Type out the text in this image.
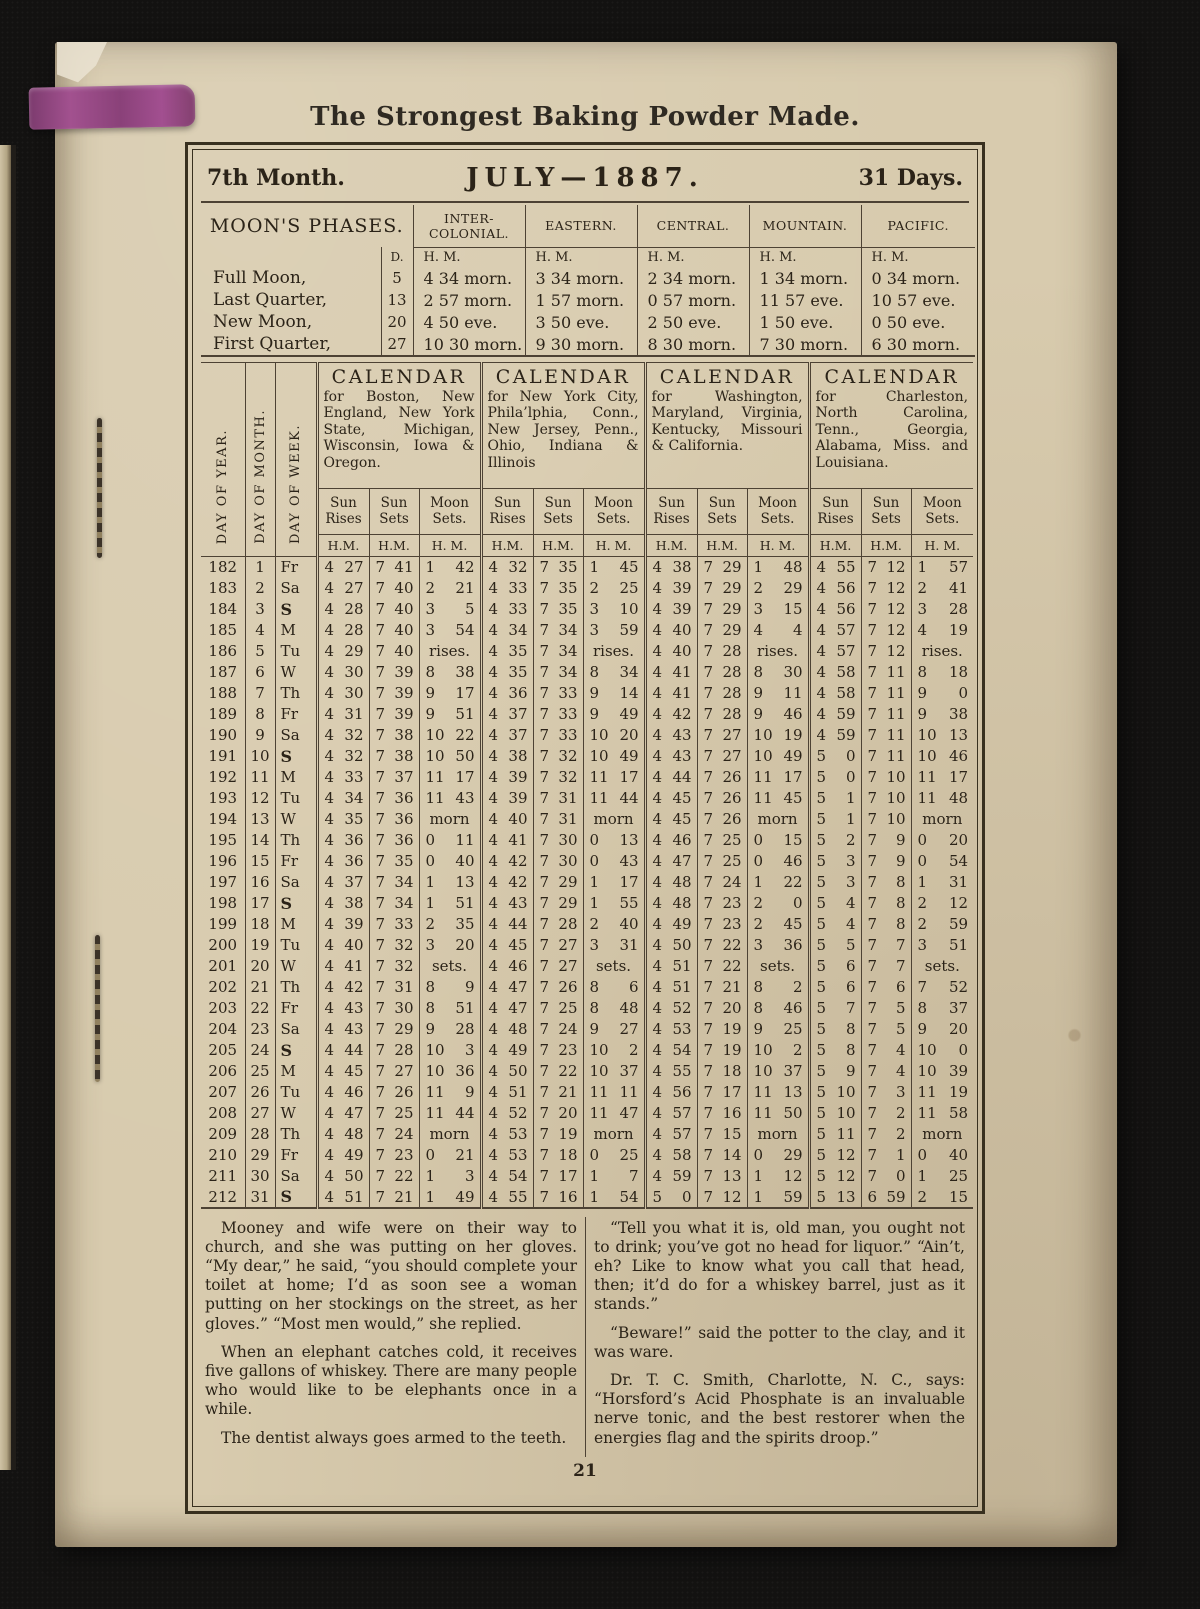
The Strongest Baking Powder Made.
7th Month.	JULY—1887.	31 Days.
MOON'S PHASES.		INTER-COLONIAL.	EASTERN.	CENTRAL.	MOUNTAIN.	PACIFIC.
	D.	H. M.	H. M.	H. M.	H. M.	H. M.
Full Moon,	5	4 34 morn.	3 34 morn.	2 34 morn.	1 34 morn.	0 34 morn.
Last Quarter,	13	2 57 morn.	1 57 morn.	0 57 morn.	11 57 eve.	10 57 eve.
New Moon,	20	4 50 eve.	3 50 eve.	2 50 eve.	1 50 eve.	0 50 eve.
First Quarter,	27	10 30 morn.	9 30 morn.	8 30 morn.	7 30 morn.	6 30 morn.
DAY OF YEAR.	DAY OF MONTH.	DAY OF WEEK.	
CALENDAR
for Boston, New England, New York State, Michigan, Wisconsin, Iowa & Oregon.

CALENDAR
for New York City, Phila’lphia, Conn., New Jersey, Penn., Ohio, Indiana & Illinois

CALENDAR
for Washington, Maryland, Virginia, Kentucky, Missouri & California.

CALENDAR
for Charleston, North Carolina, Tenn., Georgia, Alabama, Miss. and Louisiana.

			Sun Rises	Sun Sets	Moon Sets.	Sun Rises	Sun Sets	Moon Sets.	Sun Rises	Sun Sets	Moon Sets.	Sun Rises	Sun Sets	Moon Sets.
			H.M.	H.M.	H. M.	H.M.	H.M.	H. M.	H.M.	H.M.	H. M.	H.M.	H.M.	H. M.
182	1	Fr	4 27	7 41	1 42	4 32	7 35	1 45	4 38	7 29	1 48	4 55	7 12	1 57

183	2	Sa	4 27	7 40	2 21	4 33	7 35	2 25	4 39	7 29	2 29	4 56	7 12	2 41

184	3	S	4 28	7 40	3 5	4 33	7 35	3 10	4 39	7 29	3 15	4 56	7 12	3 28

185	4	M	4 28	7 40	3 54	4 34	7 34	3 59	4 40	7 29	4 4	4 57	7 12	4 19

186	5	Tu	4 29	7 40	rises.	4 35	7 34	rises.	4 40	7 28	rises.	4 57	7 12	rises.

187	6	W	4 30	7 39	8 38	4 35	7 34	8 34	4 41	7 28	8 30	4 58	7 11	8 18

188	7	Th	4 30	7 39	9 17	4 36	7 33	9 14	4 41	7 28	9 11	4 58	7 11	9 0

189	8	Fr	4 31	7 39	9 51	4 37	7 33	9 49	4 42	7 28	9 46	4 59	7 11	9 38

190	9	Sa	4 32	7 38	10 22	4 37	7 33	10 20	4 43	7 27	10 19	4 59	7 11	10 13

191	10	S	4 32	7 38	10 50	4 38	7 32	10 49	4 43	7 27	10 49	5 0	7 11	10 46

192	11	M	4 33	7 37	11 17	4 39	7 32	11 17	4 44	7 26	11 17	5 0	7 10	11 17

193	12	Tu	4 34	7 36	11 43	4 39	7 31	11 44	4 45	7 26	11 45	5 1	7 10	11 48

194	13	W	4 35	7 36	morn	4 40	7 31	morn	4 45	7 26	morn	5 1	7 10	morn

195	14	Th	4 36	7 36	0 11	4 41	7 30	0 13	4 46	7 25	0 15	5 2	7 9	0 20

196	15	Fr	4 36	7 35	0 40	4 42	7 30	0 43	4 47	7 25	0 46	5 3	7 9	0 54

197	16	Sa	4 37	7 34	1 13	4 42	7 29	1 17	4 48	7 24	1 22	5 3	7 8	1 31

198	17	S	4 38	7 34	1 51	4 43	7 29	1 55	4 48	7 23	2 0	5 4	7 8	2 12

199	18	M	4 39	7 33	2 35	4 44	7 28	2 40	4 49	7 23	2 45	5 4	7 8	2 59

200	19	Tu	4 40	7 32	3 20	4 45	7 27	3 31	4 50	7 22	3 36	5 5	7 7	3 51

201	20	W	4 41	7 32	sets.	4 46	7 27	sets.	4 51	7 22	sets.	5 6	7 7	sets.

202	21	Th	4 42	7 31	8 9	4 47	7 26	8 6	4 51	7 21	8 2	5 6	7 6	7 52

203	22	Fr	4 43	7 30	8 51	4 47	7 25	8 48	4 52	7 20	8 46	5 7	7 5	8 37

204	23	Sa	4 43	7 29	9 28	4 48	7 24	9 27	4 53	7 19	9 25	5 8	7 5	9 20

205	24	S	4 44	7 28	10 3	4 49	7 23	10 2	4 54	7 19	10 2	5 8	7 4	10 0

206	25	M	4 45	7 27	10 36	4 50	7 22	10 37	4 55	7 18	10 37	5 9	7 4	10 39

207	26	Tu	4 46	7 26	11 9	4 51	7 21	11 11	4 56	7 17	11 13	5 10	7 3	11 19

208	27	W	4 47	7 25	11 44	4 52	7 20	11 47	4 57	7 16	11 50	5 10	7 2	11 58

209	28	Th	4 48	7 24	morn	4 53	7 19	morn	4 57	7 15	morn	5 11	7 2	morn

210	29	Fr	4 49	7 23	0 21	4 53	7 18	0 25	4 58	7 14	0 29	5 12	7 1	0 40

211	30	Sa	4 50	7 22	1 3	4 54	7 17	1 7	4 59	7 13	1 12	5 12	7 0	1 25

212	31	S	4 51	7 21	1 49	4 55	7 16	1 54	5 0	7 12	1 59	5 13	6 59	2 15

Mooney and wife were on their way to church, and she was putting on her gloves. “My dear,” he said, “you should complete your toilet at home; I’d as soon see a woman putting on her stockings on the street, as her gloves.” “Most men would,” she replied.

When an elephant catches cold, it receives five gallons of whiskey. There are many people who would like to be elephants once in a while.

The dentist always goes armed to the teeth.

“Tell you what it is, old man, you ought not to drink; you’ve got no head for liquor.” “Ain’t, eh? Like to know what you call that head, then; it’d do for a whiskey barrel, just as it stands.”

“Beware!” said the potter to the clay, and it was ware.

Dr. T. C. Smith, Charlotte, N. C., says: “Horsford’s Acid Phosphate is an invaluable nerve tonic, and the best restorer when the energies flag and the spirits droop.”

21
